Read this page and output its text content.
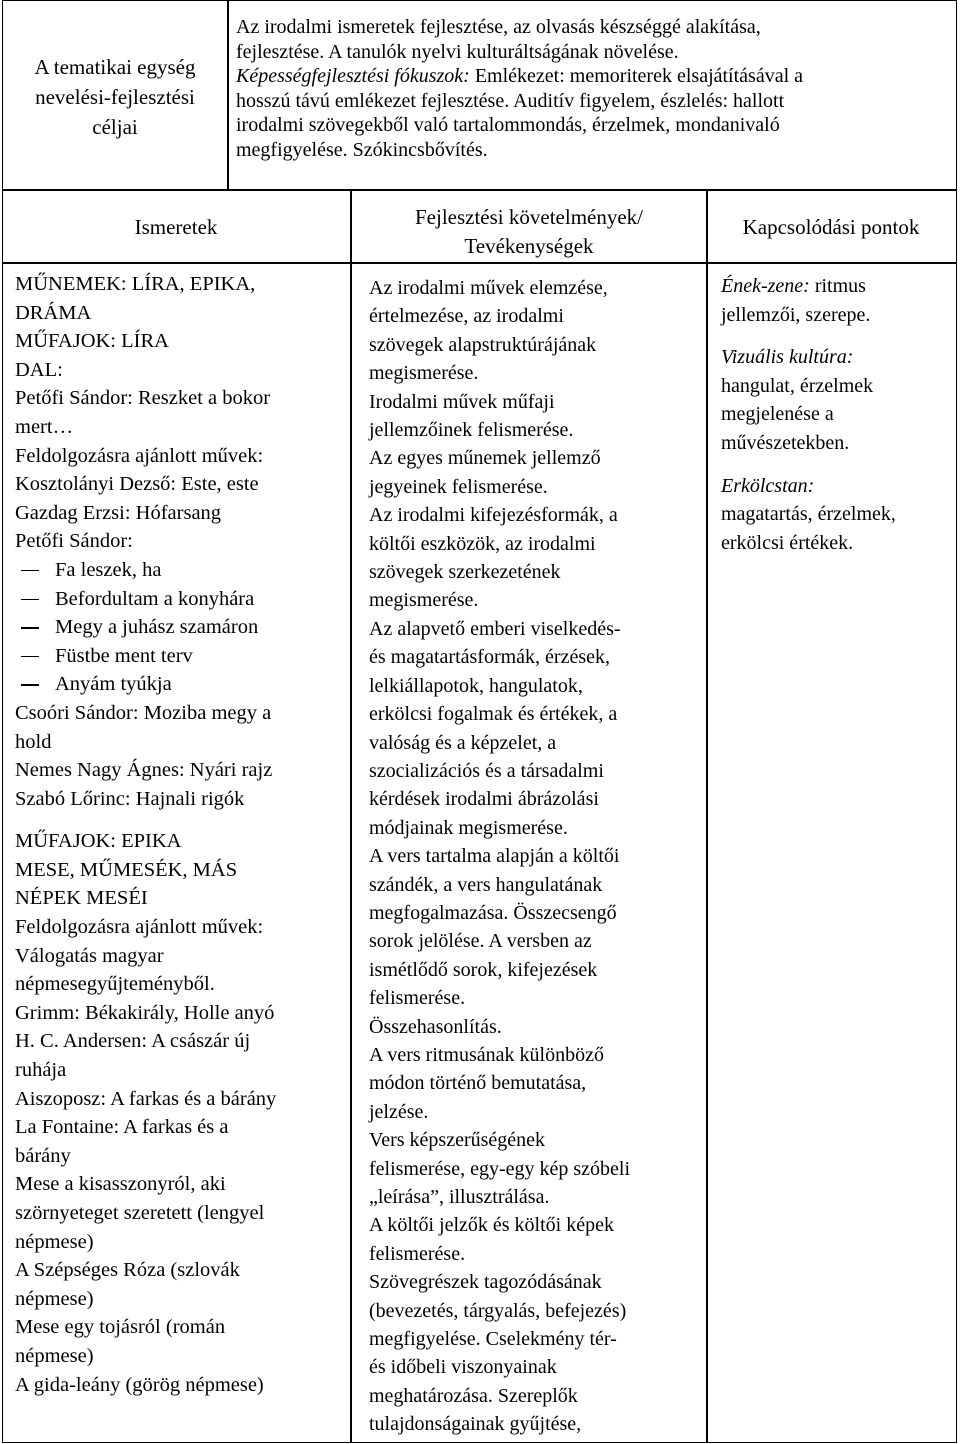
A tematikai egység
nevelési-fejlesztési
céljai
Az irodalmi ismeretek fejlesztése, az olvasás készséggé alakítása,
fejlesztése. A tanulók nyelvi kulturáltságának növelése.
Képességfejlesztési fókuszok: Emlékezet: memoriterek elsajátításával a
hosszú távú emlékezet fejlesztése. Auditív figyelem, észlelés: hallott
irodalmi szövegekből való tartalommondás, érzelmek, mondanivaló
megfigyelése. Szókincsbővítés.
Ismeretek	Fejlesztési követelmények/
Tevékenységek
Kapcsolódási pontok
MŰNEMEK: LÍRA, EPIKA,
DRÁMA
MŰFAJOK: LÍRA
DAL:
Petőfi Sándor: Reszket a bokor
mert…
Feldolgozásra ajánlott művek:
Kosztolányi Dezső: Este, este
Gazdag Erzsi: Hófarsang
Petőfi Sándor:
Fa leszek, ha
Befordultam a konyhára
Megy a juhász szamáron
Füstbe ment terv
Anyám tyúkja
Csoóri Sándor: Moziba megy a
hold
Nemes Nagy Ágnes: Nyári rajz
Szabó Lőrinc: Hajnali rigók
MŰFAJOK: EPIKA
MESE, MŰMESÉK, MÁS
NÉPEK MESÉI
Feldolgozásra ajánlott művek:
Válogatás magyar
népmesegyűjteményből.
Grimm: Békakirály, Holle anyó
H. C. Andersen: A császár új
ruhája
Aiszoposz: A farkas és a bárány
La Fontaine: A farkas és a
bárány
Mese a kisasszonyról, aki
szörnyeteget szeretett (lengyel
népmese)
A Szépséges Róza (szlovák
népmese)
Mese egy tojásról (román
népmese)
A gida-leány (görög népmese)
Az irodalmi művek elemzése,
értelmezése, az irodalmi
szövegek alapstruktúrájának
megismerése.
Irodalmi művek műfaji
jellemzőinek felismerése.
Az egyes műnemek jellemző
jegyeinek felismerése.
Az irodalmi kifejezésformák, a
költői eszközök, az irodalmi
szövegek szerkezetének
megismerése.
Az alapvető emberi viselkedés-
és magatartásformák, érzések,
lelkiállapotok, hangulatok,
erkölcsi fogalmak és értékek, a
valóság és a képzelet, a
szocializációs és a társadalmi
kérdések irodalmi ábrázolási
módjainak megismerése.
A vers tartalma alapján a költői
szándék, a vers hangulatának
megfogalmazása. Összecsengő
sorok jelölése. A versben az
ismétlődő sorok, kifejezések
felismerése.
Összehasonlítás.
A vers ritmusának különböző
módon történő bemutatása,
jelzése.
Vers képszerűségének
felismerése, egy-egy kép szóbeli
„leírása”, illusztrálása.
A költői jelzők és költői képek
felismerése.
Szövegrészek tagozódásának
(bevezetés, tárgyalás, befejezés)
megfigyelése. Cselekmény tér-
és időbeli viszonyainak
meghatározása. Szereplők
tulajdonságainak gyűjtése,
Ének-zene: ritmus
jellemzői, szerepe.
Vizuális kultúra:
hangulat, érzelmek
megjelenése a
művészetekben.
Erkölcstan:
magatartás, érzelmek,
erkölcsi értékek.
